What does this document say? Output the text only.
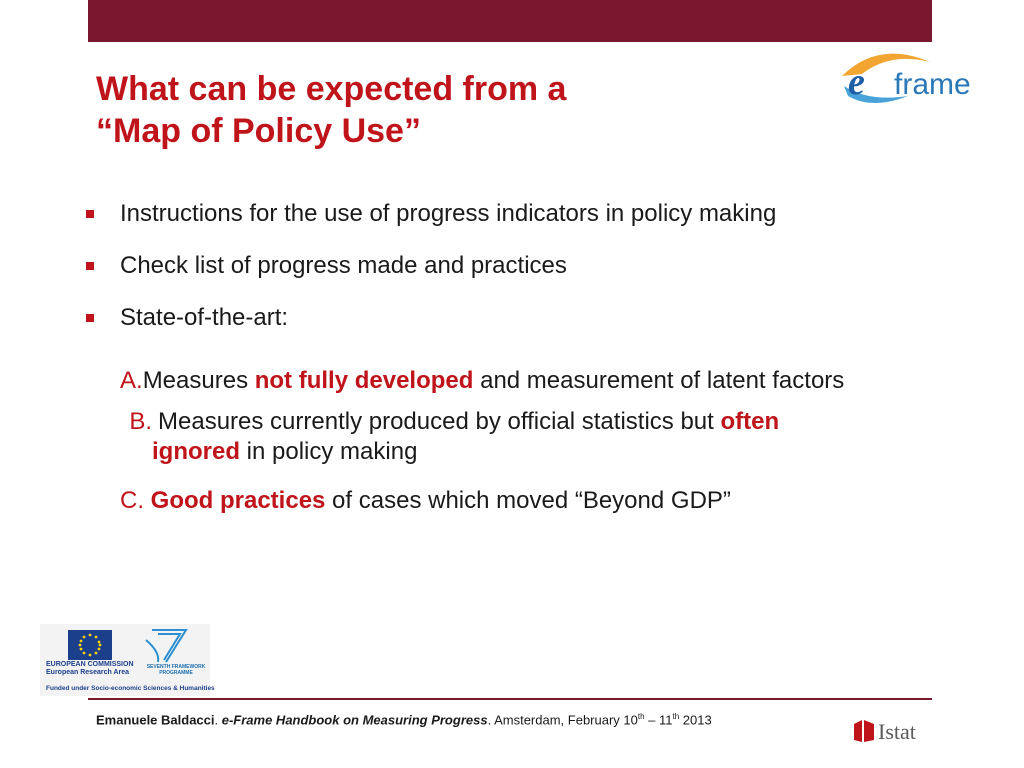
What can be expected from a
“Map of Policy Use”
e frame
Instructions for the use of progress indicators in policy making
Check list of progress made and practices
State-of-the-art:
A.Measures not fully developed and measurement of latent factors
B. Measures currently produced by official statistics but often
ignored in policy making
C. Good practices of cases which moved “Beyond GDP”
EUROPEAN COMMISSION
European Research Area
SEVENTH FRAMEWORK
PROGRAMME
Funded under Socio-economic Sciences & Humanities
Emanuele Baldacci. e-Frame Handbook on Measuring Progress. Amsterdam, February 10th – 11th 2013	Istat
